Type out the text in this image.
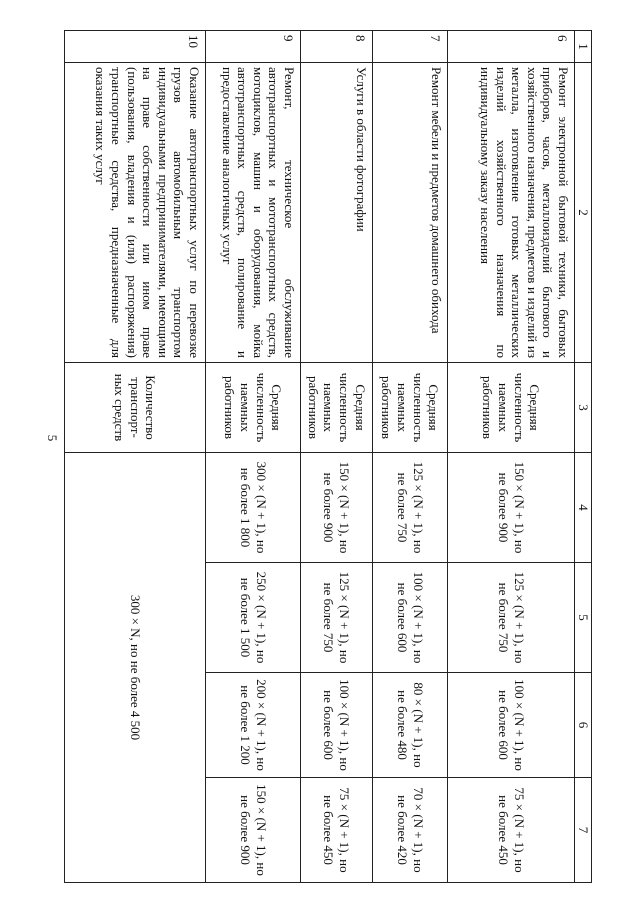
5
1	2	3	4	5	6	7
6	Ремонт электронной бытовой техники, бытовых приборов, часов, металлоизделий бытового и хозяйственного назначения, предметов и изделий из металла, изготовление готовых металлических изделий хозяйственного назначения по индивидуальному заказу населения	Средняя численность наемных работников	150 × (N + 1), но не более 900	125 × (N + 1), но не более 750	100 × (N + 1), но не более 600	75 × (N + 1), но не более 450
7	Ремонт мебели и предметов домашнего обихода	Средняя численность наемных работников	125 × (N + 1), но не более 750	100 × (N + 1), но не более 600	80 × (N + 1), но не более 480	70 × (N + 1), но не более 420
8	Услуги в области фотографии	Средняя численность наемных работников	150 × (N + 1), но не более 900	125 × (N + 1), но не более 750	100 × (N + 1), но не более 600	75 × (N + 1), но не более 450
9	Ремонт, техническое обслуживание автотранспортных и мототранспортных средств, мотоциклов, машин и оборудования, мойка автотранспортных средств, полирование и предоставление аналогичных услуг	Средняя численность наемных работников	300 × (N + 1), но не более 1 800	250 × (N + 1), но не более 1 500	200 × (N + 1), но не более 1 200	150 × (N + 1), но не более 900
10	Оказание автотранспортных услуг по перевозке грузов автомобильным транспортом индивидуальными предпринимателями, имеющими на праве собственности или ином праве (пользования, владения и (или) распоряжения) транспортные средства, предназначенные для оказания таких услуг	Количество транспорт-ных средств	300 × N, но не более 4 500			
